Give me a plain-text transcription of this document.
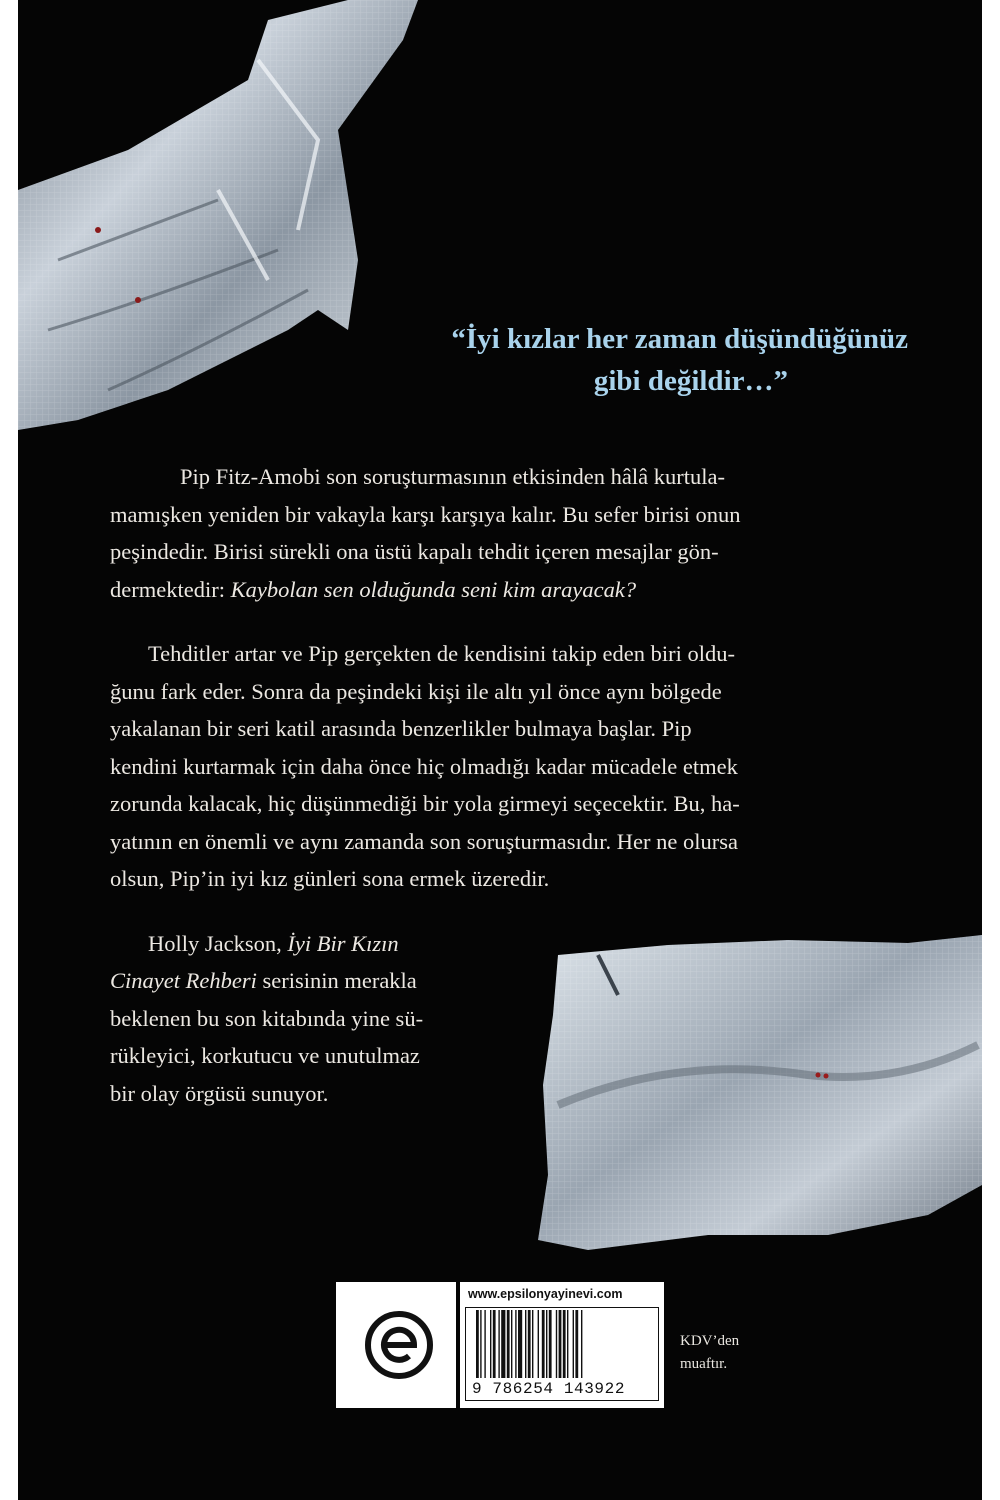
“İyi kızlar her zaman düşündüğünüz
gibi değildir…”
Pip Fitz-Amobi son soruşturmasının etkisinden hâlâ kurtula-
mamışken yeniden bir vakayla karşı karşıya kalır. Bu sefer birisi onun
peşindedir. Birisi sürekli ona üstü kapalı tehdit içeren mesajlar gön-
dermektedir: Kaybolan sen olduğunda seni kim arayacak?
Tehditler artar ve Pip gerçekten de kendisini takip eden biri oldu-
ğunu fark eder. Sonra da peşindeki kişi ile altı yıl önce aynı bölgede
yakalanan bir seri katil arasında benzerlikler bulmaya başlar. Pip
kendini kurtarmak için daha önce hiç olmadığı kadar mücadele etmek
zorunda kalacak, hiç düşünmediği bir yola girmeyi seçecektir. Bu, ha-
yatının en önemli ve aynı zamanda son soruşturmasıdır. Her ne olursa
olsun, Pip’in iyi kız günleri sona ermek üzeredir.
Holly Jackson, İyi Bir Kızın
Cinayet Rehberi serisinin merakla
beklenen bu son kitabında yine sü-
rükleyici, korkutucu ve unutulmaz
bir olay örgüsü sunuyor.
www.epsilonyayinevi.com
9 786254 143922
KDV’den
muaftır.
